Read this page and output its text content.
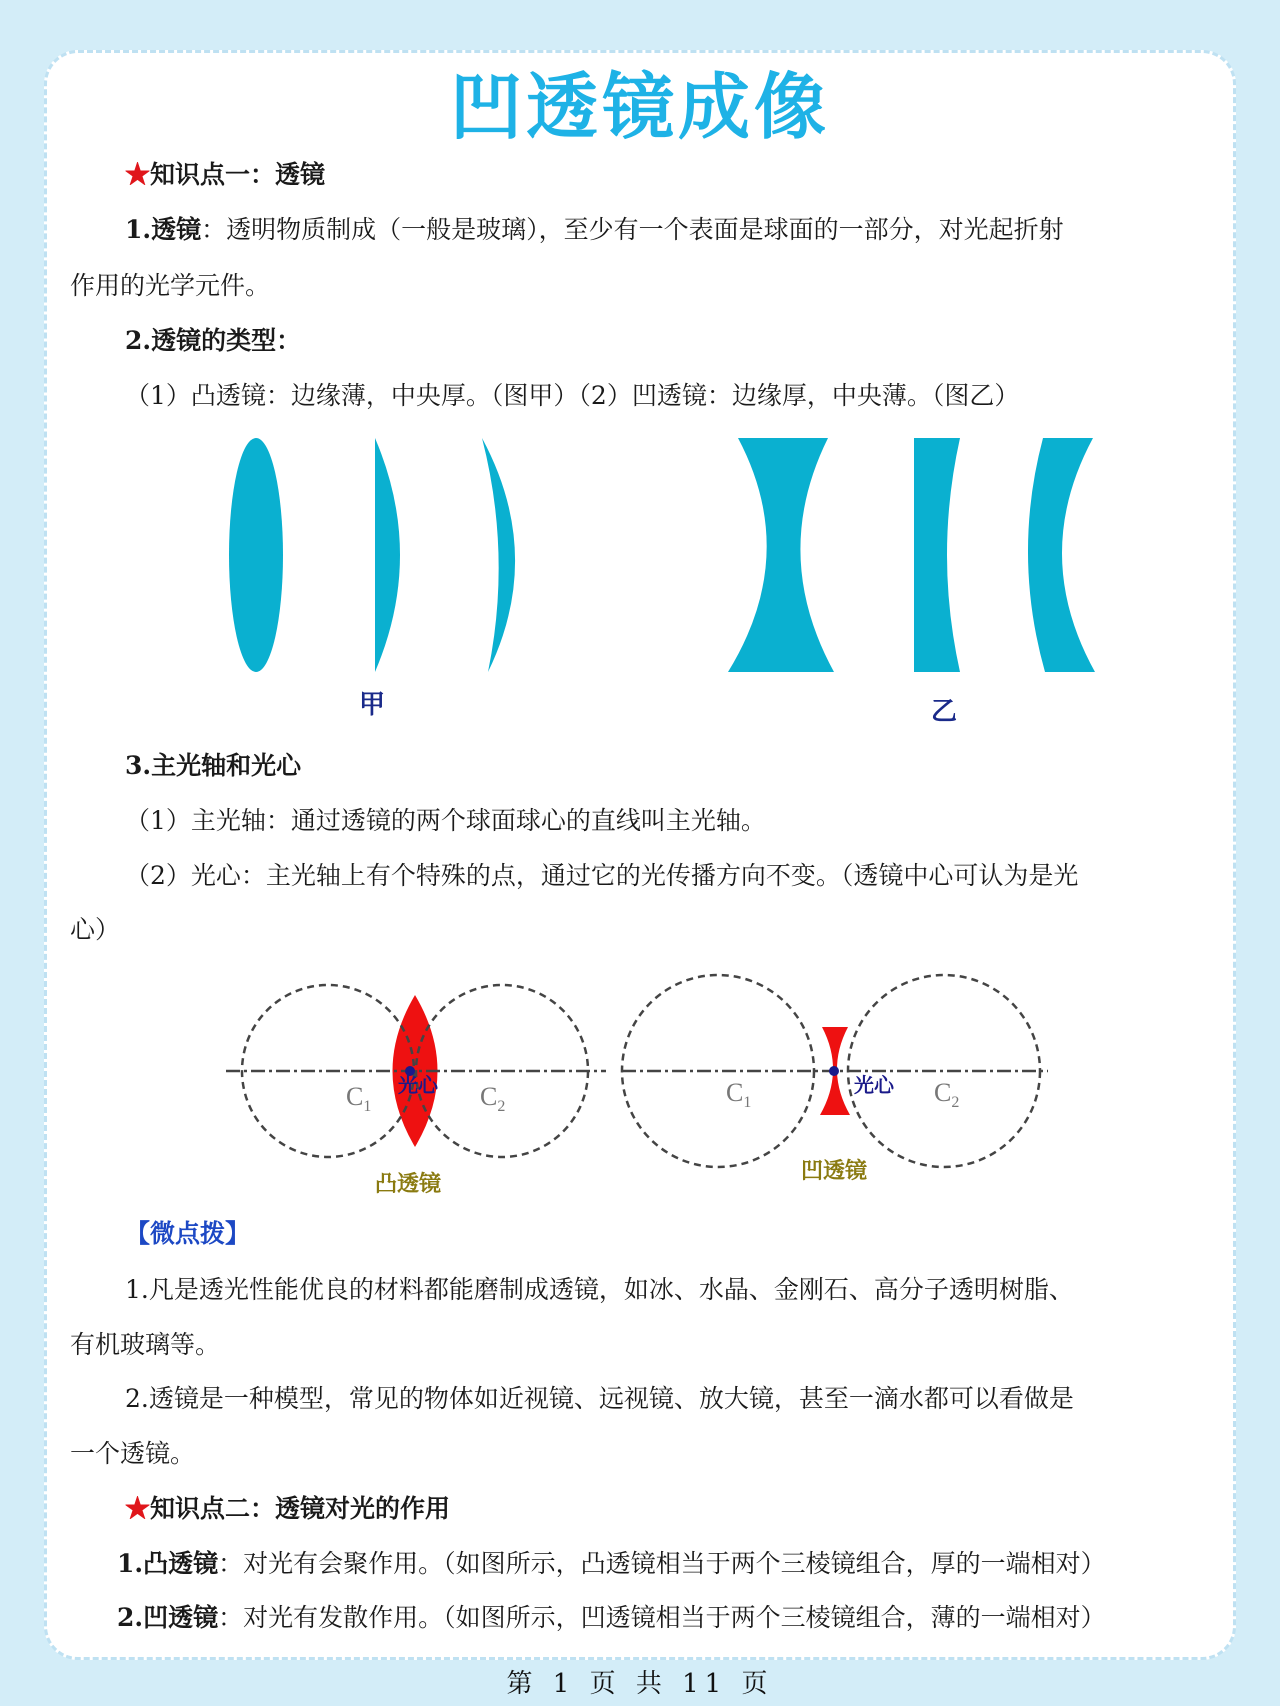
凹透镜成像
★知识点一：透镜
1.透镜：透明物质制成（一般是玻璃），至少有一个表面是球面的一部分，对光起折射
作用的光学元件。
2.透镜的类型：
（1）凸透镜：边缘薄，中央厚。（图甲）（2）凹透镜：边缘厚，中央薄。（图乙）
甲	乙
3.主光轴和光心
（1）主光轴：通过透镜的两个球面球心的直线叫主光轴。
（2）光心：主光轴上有个特殊的点，通过它的光传播方向不变。（透镜中心可认为是光
心）
$C_1$	$C_2$
光心
凸透镜
$C_1$	$C_2$
光心
凹透镜
【微点拨】
1.凡是透光性能优良的材料都能磨制成透镜，如冰、水晶、金刚石、高分子透明树脂、
有机玻璃等。
2.透镜是一种模型，常见的物体如近视镜、远视镜、放大镜，甚至一滴水都可以看做是
一个透镜。
★知识点二：透镜对光的作用
1.凸透镜：对光有会聚作用。（如图所示，凸透镜相当于两个三棱镜组合，厚的一端相对）
2.凹透镜：对光有发散作用。（如图所示，凹透镜相当于两个三棱镜组合，薄的一端相对）
第 1 页 共 11 页
